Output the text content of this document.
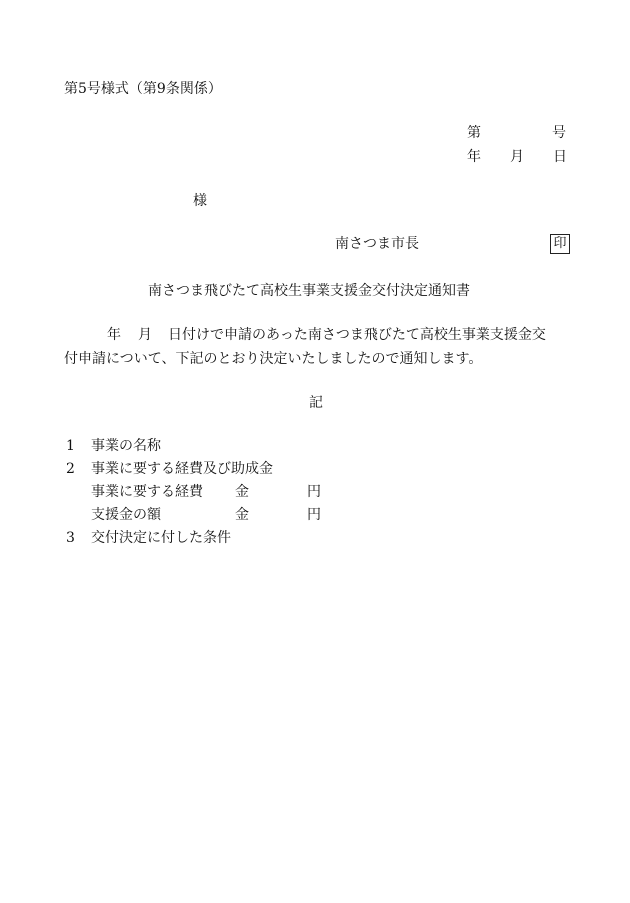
第5号様式（第9条関係）
第	号
年 月 日
様
南さつま市長	印
南さつま飛びたて高校生事業支援金交付決定通知書
年 月 日付けで申請のあった南さつま飛びたて高校生事業支援金交
付申請について、下記のとおり決定いたしましたので通知します。
記
1 事業の名称
2 事業に要する経費及び助成金
事業に要する経費 金	円
支援金の額	金	円
3 交付決定に付した条件
